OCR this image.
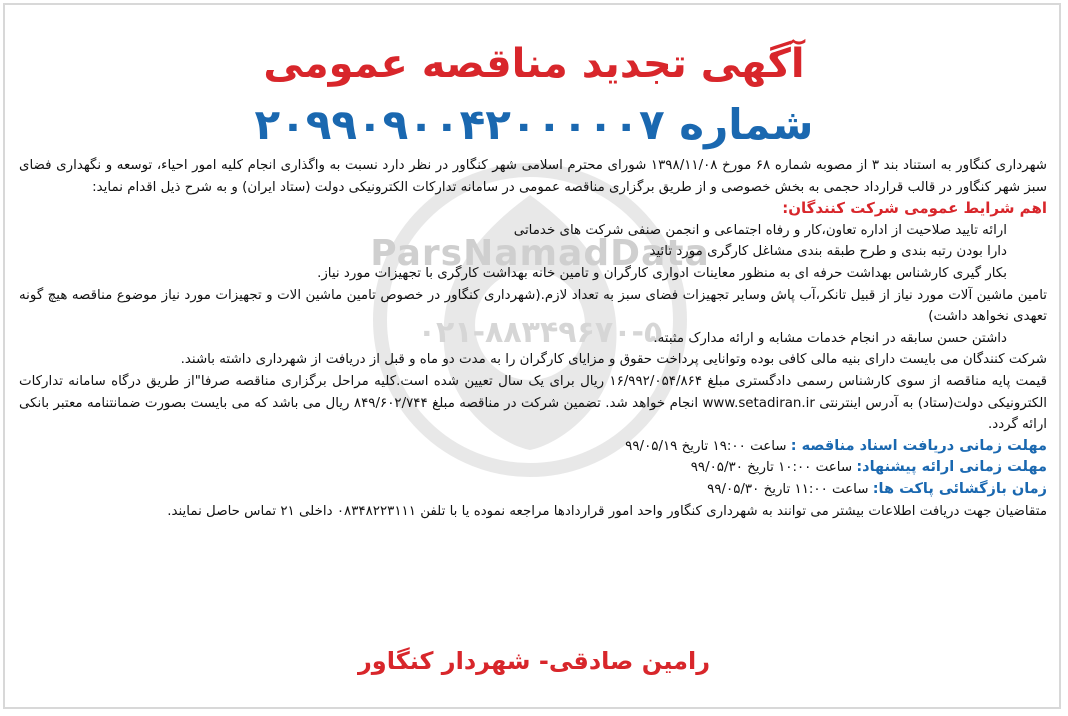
ParsNamadData
۰۲۱-۸۸۳۴۹۶۷۰-۵
آگهی تجدید مناقصه عمومی
شماره ۲۰۹۹۰۹۰۰۴۲۰۰۰۰۰۷

شهرداری کنگاور به استناد بند ۳ از مصوبه شماره ۶۸ مورخ ۱۳۹۸/۱۱/۰۸ شورای محترم اسلامی شهر کنگاور در نظر دارد نسبت به واگذاری انجام کلیه امور احیاء، توسعه و نگهداری فضای سبز شهر کنگاور در قالب قرارداد حجمی به بخش خصوصی و از طریق برگزاری مناقصه عمومی در سامانه تدارکات الکترونیکی دولت (ستاد ایران) و به شرح ذیل اقدام نماید:

اهم شرایط عمومی شرکت کنندگان:

ارائه تایید صلاحیت از اداره تعاون،کار و رفاه اجتماعی و انجمن صنفی شرکت های خدماتی

دارا بودن رتبه بندی و طرح طبقه بندی مشاغل کارگری مورد تائید

بکار گیری کارشناس بهداشت حرفه ای به منظور معاینات ادواری کارگران و تامین خانه بهداشت کارگری با تجهیزات مورد نیاز.

تامین ماشین آلات مورد نیاز از قبیل تانکر،آب پاش وسایر تجهیزات فضای سبز به تعداد لازم.(شهرداری کنگاور در خصوص تامین ماشین الات و تجهیزات مورد نیاز موضوع مناقصه هیچ گونه تعهدی نخواهد داشت)

داشتن حسن سابقه در انجام خدمات مشابه و ارائه مدارک مثبته.

شرکت کنندگان می بایست دارای بنیه مالی کافی بوده وتوانایی پرداخت حقوق و مزایای کارگران را به مدت دو ماه و قبل از دریافت از شهرداری داشته باشند.

قیمت پایه مناقصه از سوی کارشناس رسمی دادگستری مبلغ ۱۶/۹۹۲/۰۵۴/۸۶۴ ریال برای یک سال تعیین شده است.کلیه مراحل برگزاری مناقصه صرفا"از طریق درگاه سامانه تدارکات الکترونیکی دولت(ستاد) به آدرس اینترنتی www.setadiran.ir انجام خواهد شد. تضمین شرکت در مناقصه مبلغ ۸۴۹/۶۰۲/۷۴۴ ریال می باشد که می بایست بصورت ضمانتنامه معتبر بانکی ارائه گردد.

مهلت زمانی دریافت اسناد مناقصه : ساعت ۱۹:۰۰ تاریخ ۹۹/۰۵/۱۹

مهلت زمانی ارائه پیشنهاد: ساعت ۱۰:۰۰ تاریخ ۹۹/۰۵/۳۰

زمان بازگشائی پاکت ها: ساعت ۱۱:۰۰ تاریخ ۹۹/۰۵/۳۰

متقاضیان جهت دریافت اطلاعات بیشتر می توانند به شهرداری کنگاور واحد امور قراردادها مراجعه نموده یا با تلفن ۰۸۳۴۸۲۲۳۱۱۱ داخلی ۲۱ تماس حاصل نمایند.

رامین صادقی- شهردار کنگاور
